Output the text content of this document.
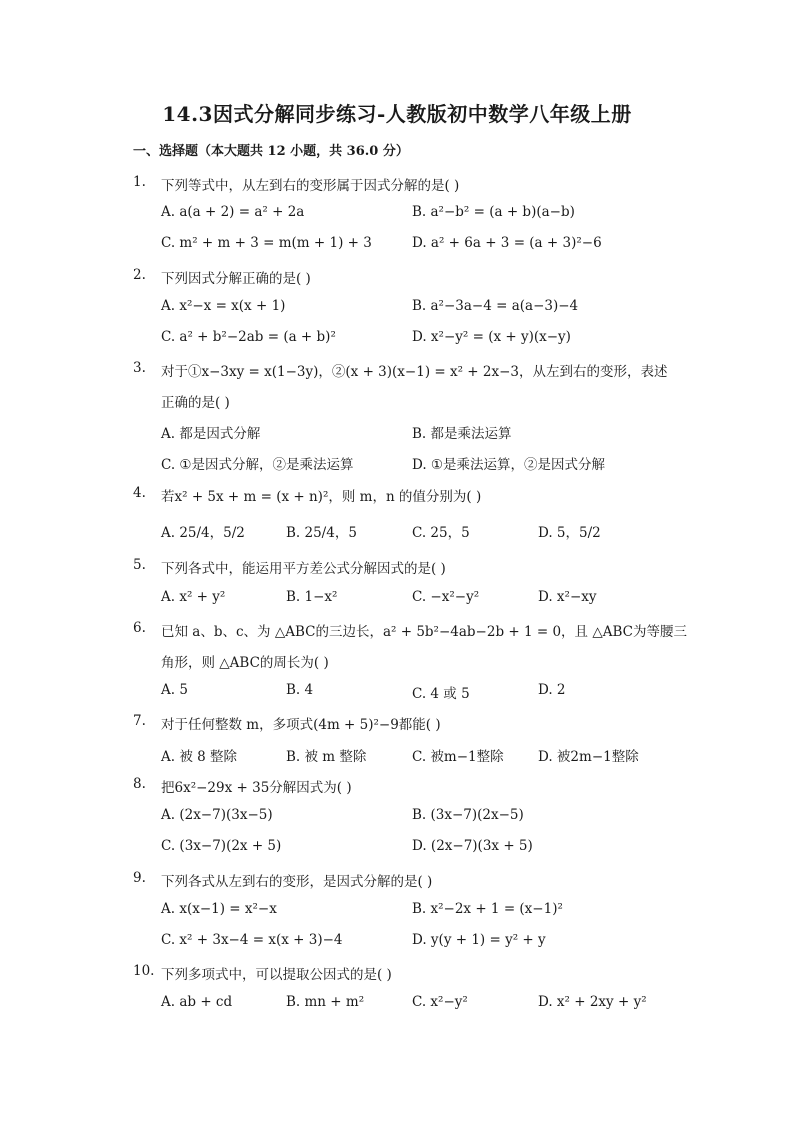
14.3因式分解同步练习-人教版初中数学八年级上册
一、选择题（本大题共 12 小题，共 36.0 分）
1. 下列等式中，从左到右的变形属于因式分解的是( )
A. a(a + 2) = a² + 2a	B. a²−b² = (a + b)(a−b)
C. m² + m + 3 = m(m + 1) + 3	D. a² + 6a + 3 = (a + 3)²−6
2. 下列因式分解正确的是( )
A. x²−x = x(x + 1)	B. a²−3a−4 = a(a−3)−4
C. a² + b²−2ab = (a + b)²	D. x²−y² = (x + y)(x−y)
3. 对于①x−3xy = x(1−3y)，②(x + 3)(x−1) = x² + 2x−3，从左到右的变形，表述
正确的是( )
A. 都是因式分解	B. 都是乘法运算
C. ①是因式分解，②是乘法运算	D. ①是乘法运算，②是因式分解
4. 若x² + 5x + m = (x + n)²，则 m，n 的值分别为( )
A. 25/4，5/2	B. 25/4，5	C. 25，5	D. 5，5/2
5. 下列各式中，能运用平方差公式分解因式的是( )
A. x² + y²	B. 1−x²	C. −x²−y²	D. x²−xy
6. 已知 a、b、c、为 △ABC的三边长，a² + 5b²−4ab−2b + 1 = 0，且 △ABC为等腰三
角形，则 △ABC的周长为( )
A. 5	B. 4	C. 4 或 5	D. 2
7. 对于任何整数 m，多项式(4m + 5)²−9都能( )
A. 被 8 整除	B. 被 m 整除	C. 被m−1整除	D. 被2m−1整除
8. 把6x²−29x + 35分解因式为( )
A. (2x−7)(3x−5)	B. (3x−7)(2x−5)
C. (3x−7)(2x + 5)	D. (2x−7)(3x + 5)
9. 下列各式从左到右的变形，是因式分解的是( )
A. x(x−1) = x²−x	B. x²−2x + 1 = (x−1)²
C. x² + 3x−4 = x(x + 3)−4	D. y(y + 1) = y² + y
10. 下列多项式中，可以提取公因式的是( )
A. ab + cd	B. mn + m²	C. x²−y²	D. x² + 2xy + y²
